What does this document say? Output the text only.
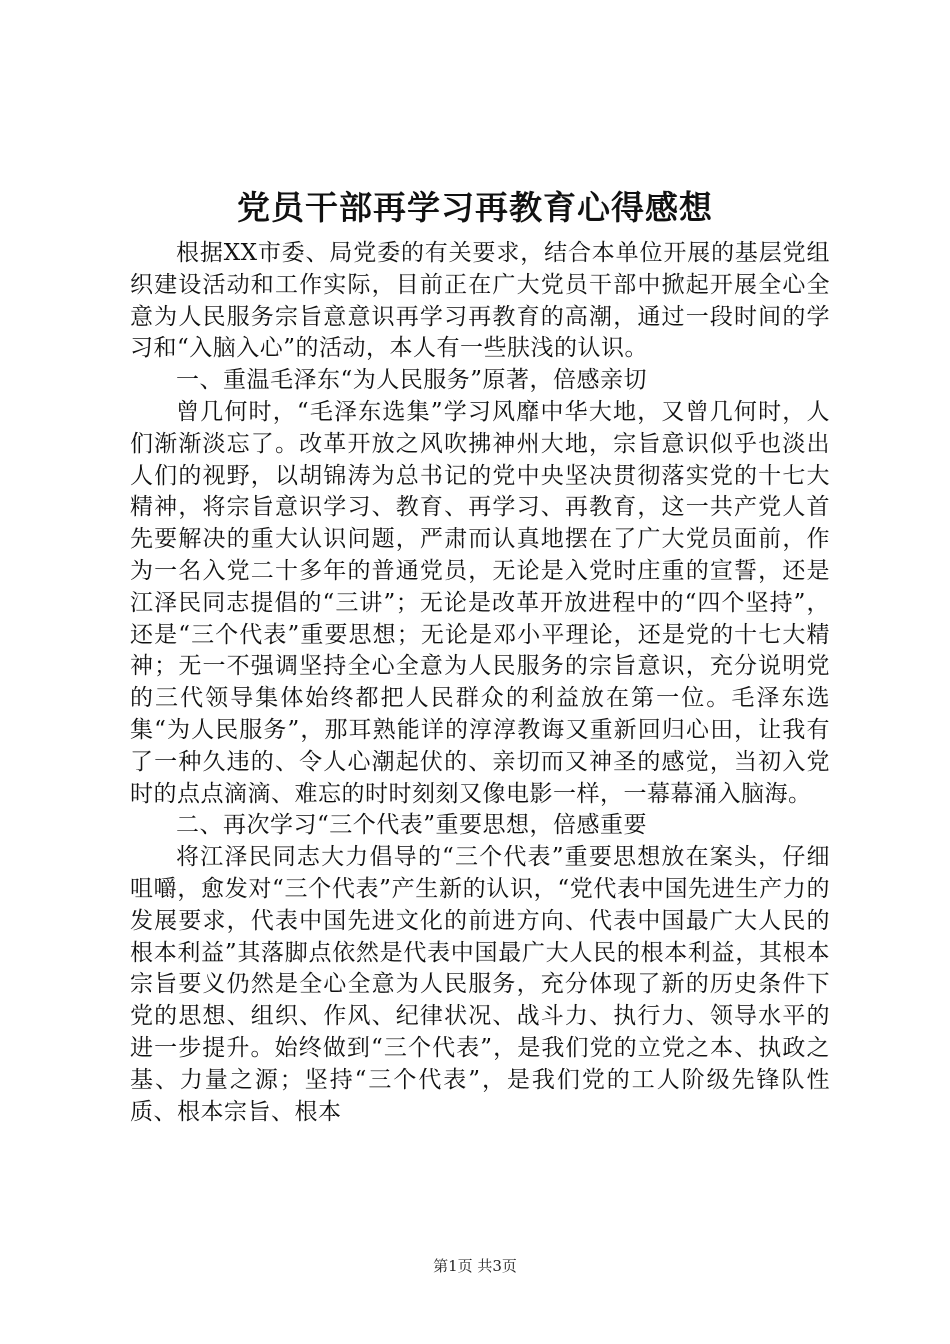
党员干部再学习再教育心得感想

根据XX市委、局党委的有关要求，结合本单位开展的基层党组织建设活动和工作实际，目前正在广大党员干部中掀起开展全心全意为人民服务宗旨意意识再学习再教育的高潮，通过一段时间的学习和“入脑入心”的活动，本人有一些肤浅的认识。

一、重温毛泽东“为人民服务”原著，倍感亲切

曾几何时，“毛泽东选集”学习风靡中华大地，又曾几何时，人们渐渐淡忘了。改革开放之风吹拂神州大地，宗旨意识似乎也淡出人们的视野，以胡锦涛为总书记的党中央坚决贯彻落实党的十七大精神，将宗旨意识学习、教育、再学习、再教育，这一共产党人首先要解决的重大认识问题，严肃而认真地摆在了广大党员面前，作为一名入党二十多年的普通党员，无论是入党时庄重的宣誓，还是江泽民同志提倡的“三讲”；无论是改革开放进程中的“四个坚持”，还是“三个代表”重要思想；无论是邓小平理论，还是党的十七大精神；无一不强调坚持全心全意为人民服务的宗旨意识，充分说明党的三代领导集体始终都把人民群众的利益放在第一位。毛泽东选集“为人民服务”，那耳熟能详的淳淳教诲又重新回归心田，让我有了一种久违的、令人心潮起伏的、亲切而又神圣的感觉，当初入党时的点点滴滴、难忘的时时刻刻又像电影一样，一幕幕涌入脑海。

二、再次学习“三个代表”重要思想，倍感重要

将江泽民同志大力倡导的“三个代表”重要思想放在案头，仔细咀嚼，愈发对“三个代表”产生新的认识，“党代表中国先进生产力的发展要求，代表中国先进文化的前进方向、代表中国最广大人民的根本利益”其落脚点依然是代表中国最广大人民的根本利益，其根本宗旨要义仍然是全心全意为人民服务，充分体现了新的历史条件下党的思想、组织、作风、纪律状况、战斗力、执行力、领导水平的进一步提升。始终做到“三个代表”，是我们党的立党之本、执政之基、力量之源；坚持“三个代表”，是我们党的工人阶级先锋队性质、根本宗旨、根本

第1页 共3页
